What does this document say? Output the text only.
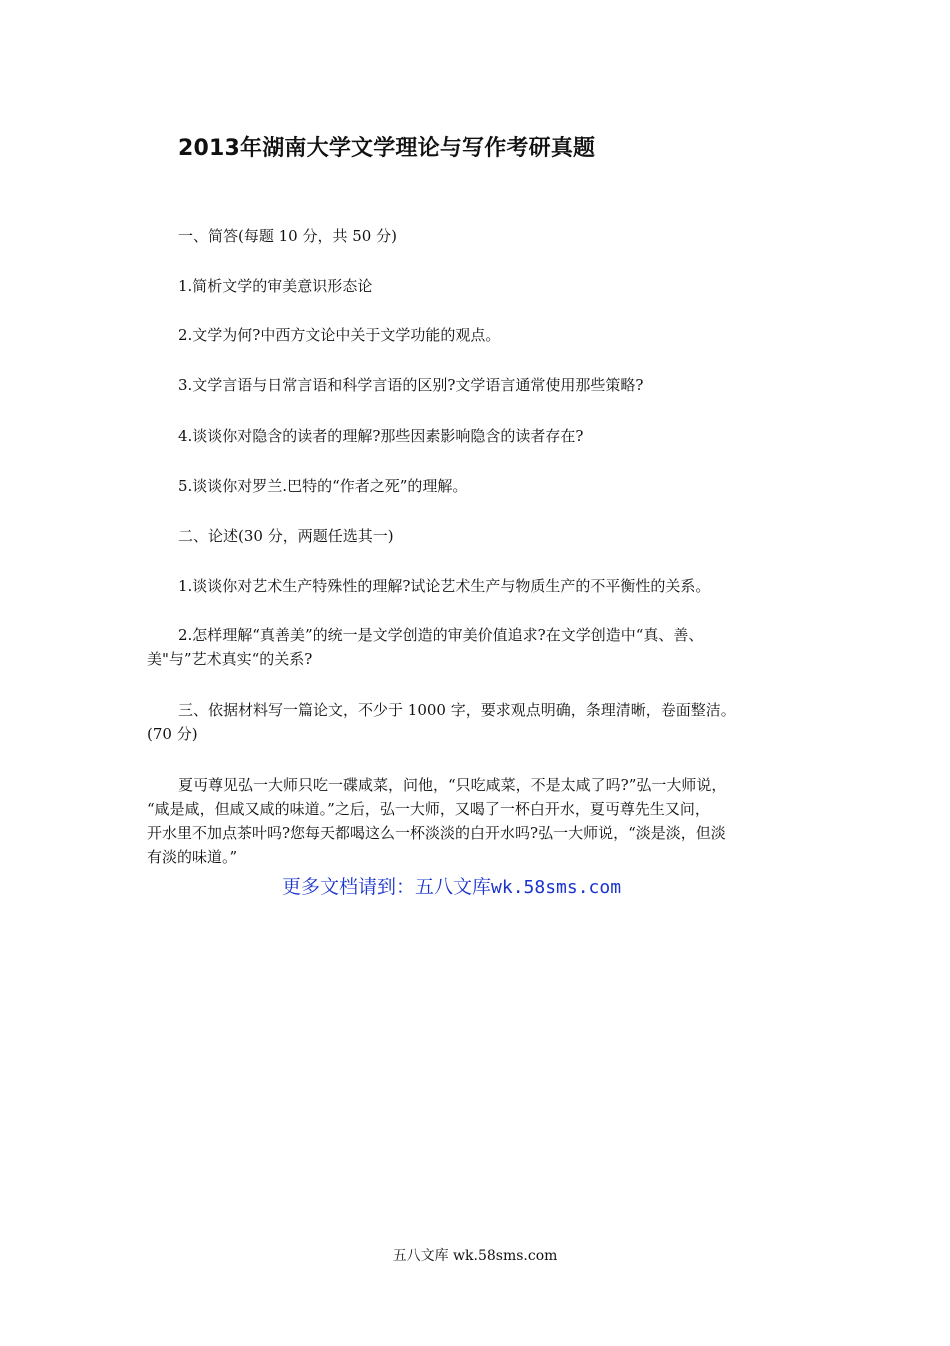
2013年湖南大学文学理论与写作考研真题
一、简答(每题 10 分，共 50 分)
1.简析文学的审美意识形态论
2.文学为何?中西方文论中关于文学功能的观点。
3.文学言语与日常言语和科学言语的区别?文学语言通常使用那些策略?
4.谈谈你对隐含的读者的理解?那些因素影响隐含的读者存在?
5.谈谈你对罗兰.巴特的“作者之死”的理解。
二、论述(30 分，两题任选其一)
1.谈谈你对艺术生产特殊性的理解?试论艺术生产与物质生产的不平衡性的关系。
2.怎样理解“真善美”的统一是文学创造的审美价值追求?在文学创造中“真、善、
美"与”艺术真实“的关系?
三、依据材料写一篇论文，不少于 1000 字，要求观点明确，条理清晰，卷面整洁。
(70 分)
夏丏尊见弘一大师只吃一碟咸菜，问他，“只吃咸菜，不是太咸了吗?”弘一大师说，
“咸是咸，但咸又咸的味道。”之后，弘一大师，又喝了一杯白开水，夏丏尊先生又问，
开水里不加点茶叶吗?您每天都喝这么一杯淡淡的白开水吗?弘一大师说，“淡是淡，但淡
有淡的味道。”
更多文档请到：五八文库wk.58sms.com
五八文库 wk.58sms.com
